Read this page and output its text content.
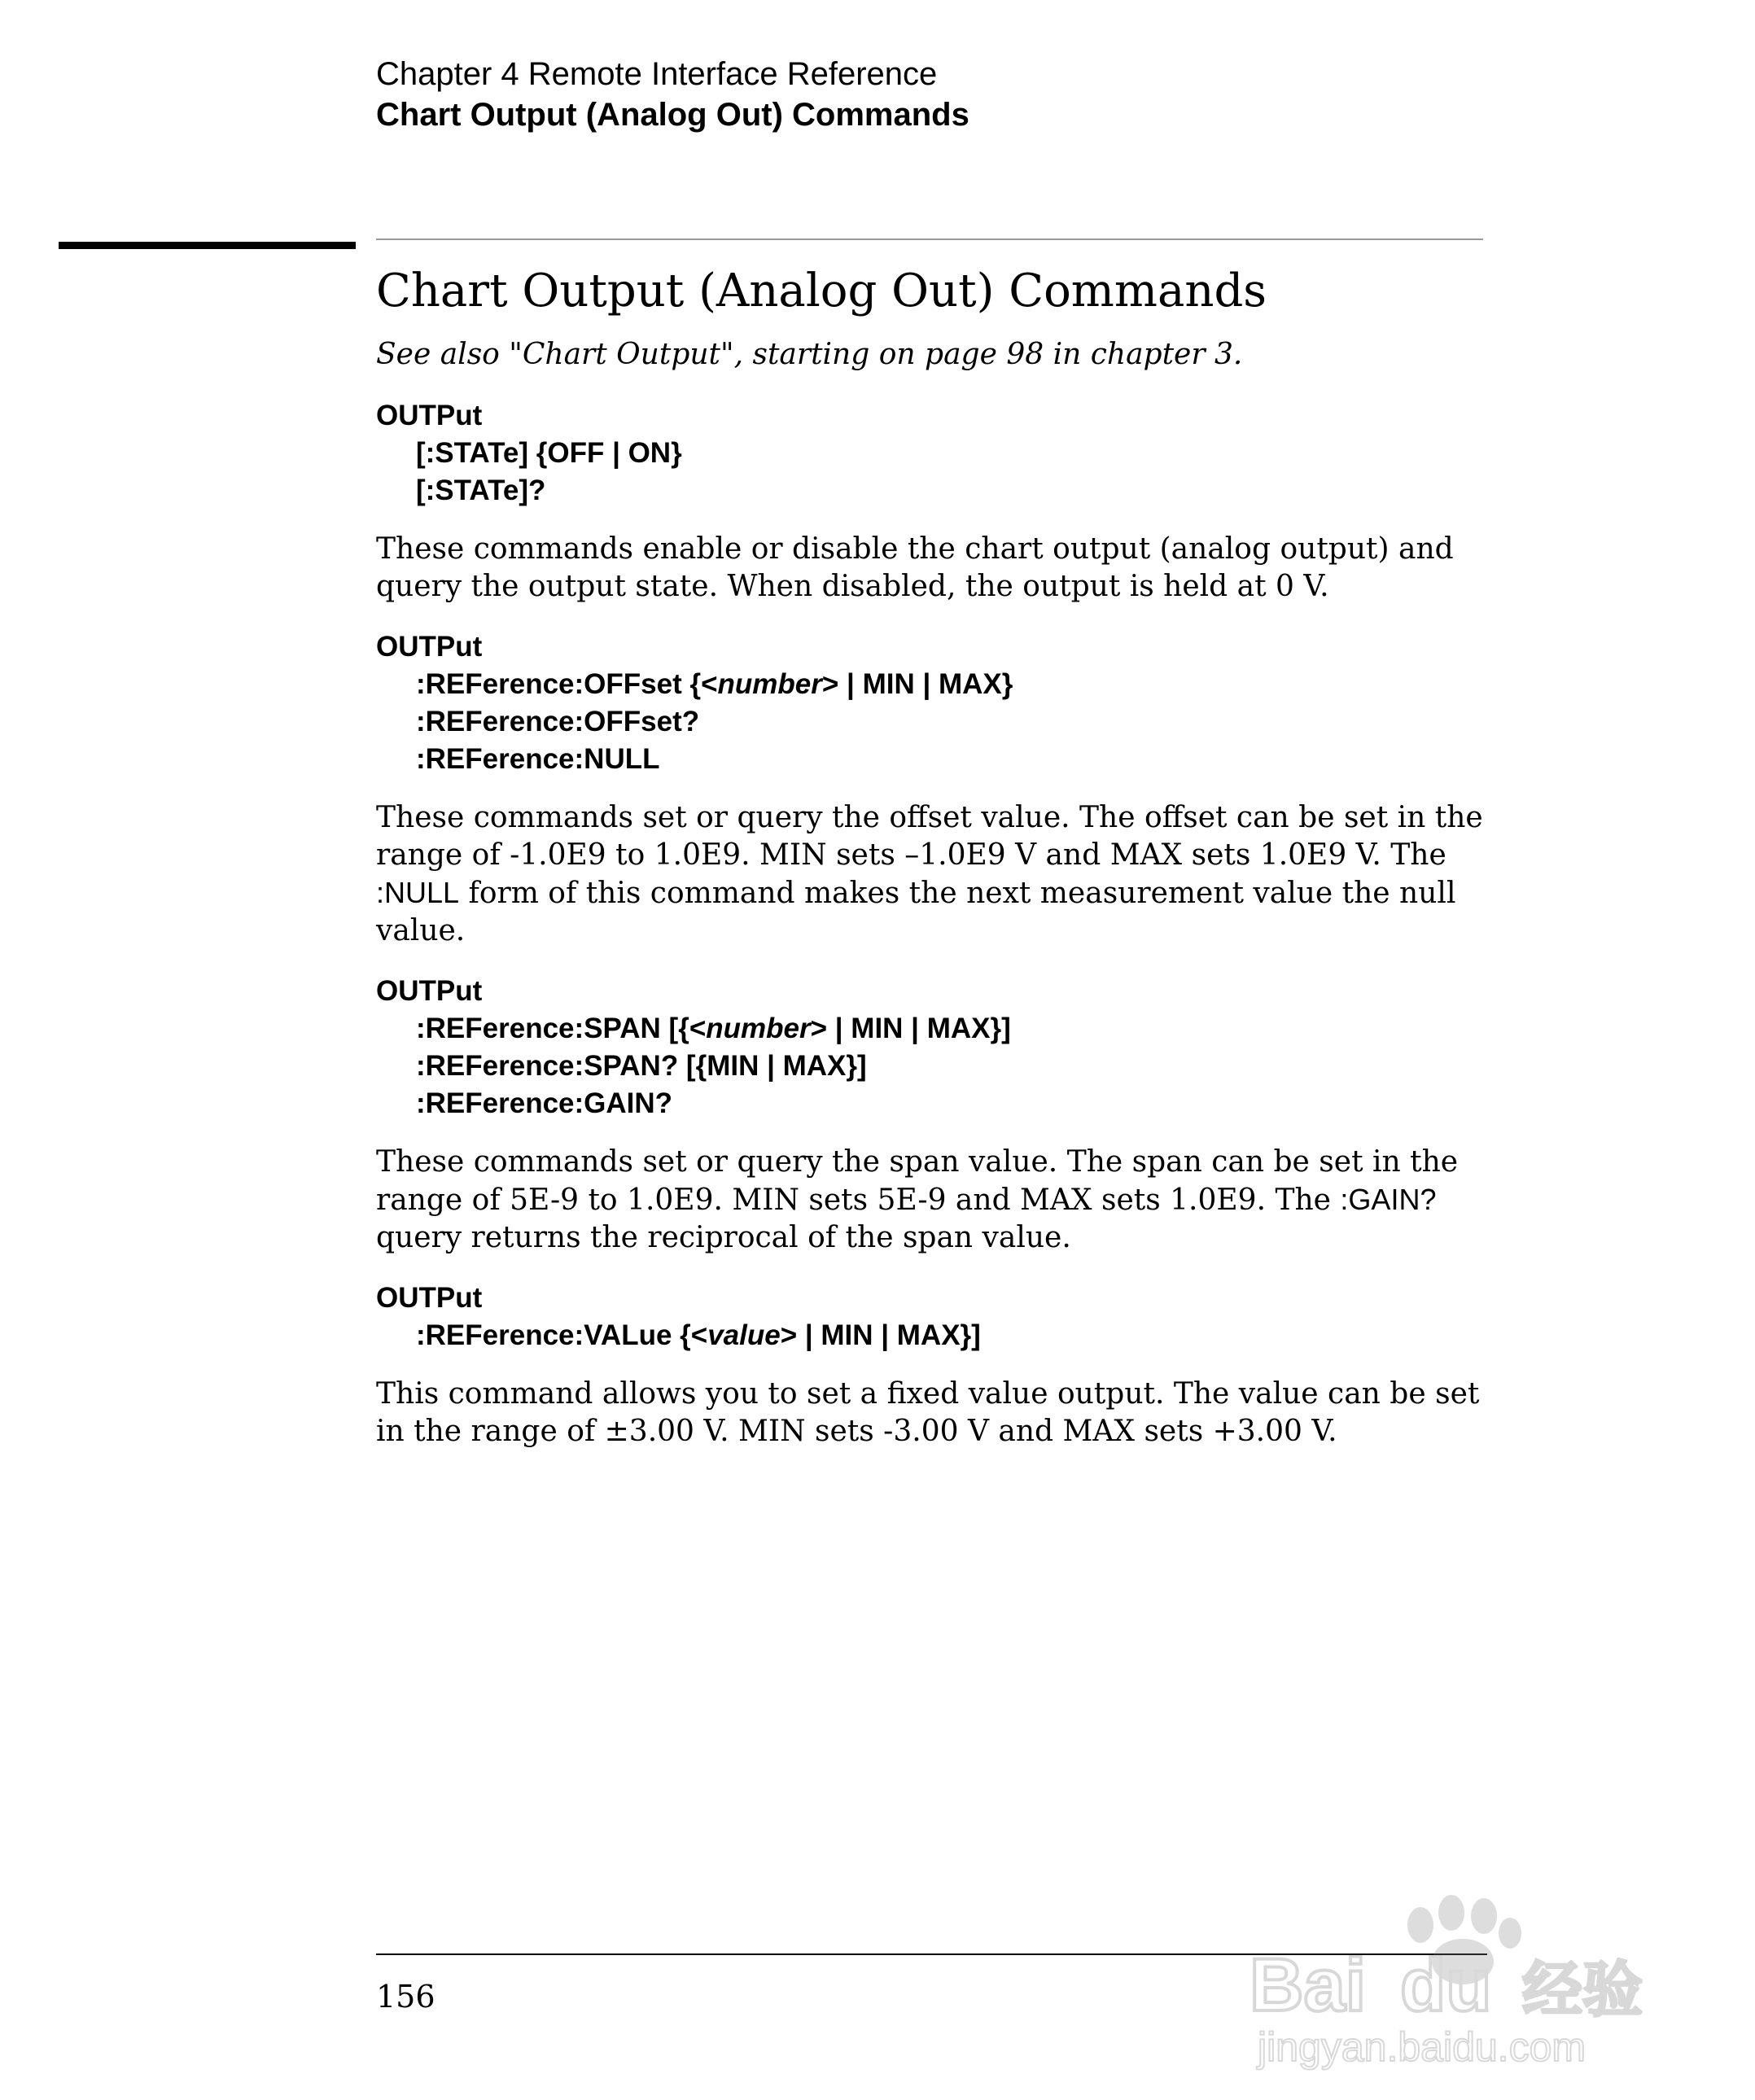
Chapter 4 Remote Interface Reference
Chart Output (Analog Out) Commands
Chart Output (Analog Out) Commands
See also "Chart Output", starting on page 98 in chapter 3.
OUTPut
[:STATe] {OFF | ON}
[:STATe]?
These commands enable or disable the chart output (analog output) and query the output state. When disabled, the output is held at 0 V.
OUTPut
:REFerence:OFFset {<number> | MIN | MAX}
:REFerence:OFFset?
:REFerence:NULL
These commands set or query the offset value. The offset can be set in the range of -1.0E9 to 1.0E9. MIN sets –1.0E9 V and MAX sets 1.0E9 V. The :NULL form of this command makes the next measurement value the null value.
OUTPut
:REFerence:SPAN [{<number> | MIN | MAX}]
:REFerence:SPAN? [{MIN | MAX}]
:REFerence:GAIN?
These commands set or query the span value. The span can be set in the range of 5E-9 to 1.0E9. MIN sets 5E-9 and MAX sets 1.0E9. The :GAIN? query returns the reciprocal of the span value.
OUTPut
:REFerence:VALue {<value> | MIN | MAX}]
This command allows you to set a fixed value output. The value can be set in the range of ±3.00 V. MIN sets -3.00 V and MAX sets +3.00 V.
156	Bai du 经验
jingyan.baidu.com
